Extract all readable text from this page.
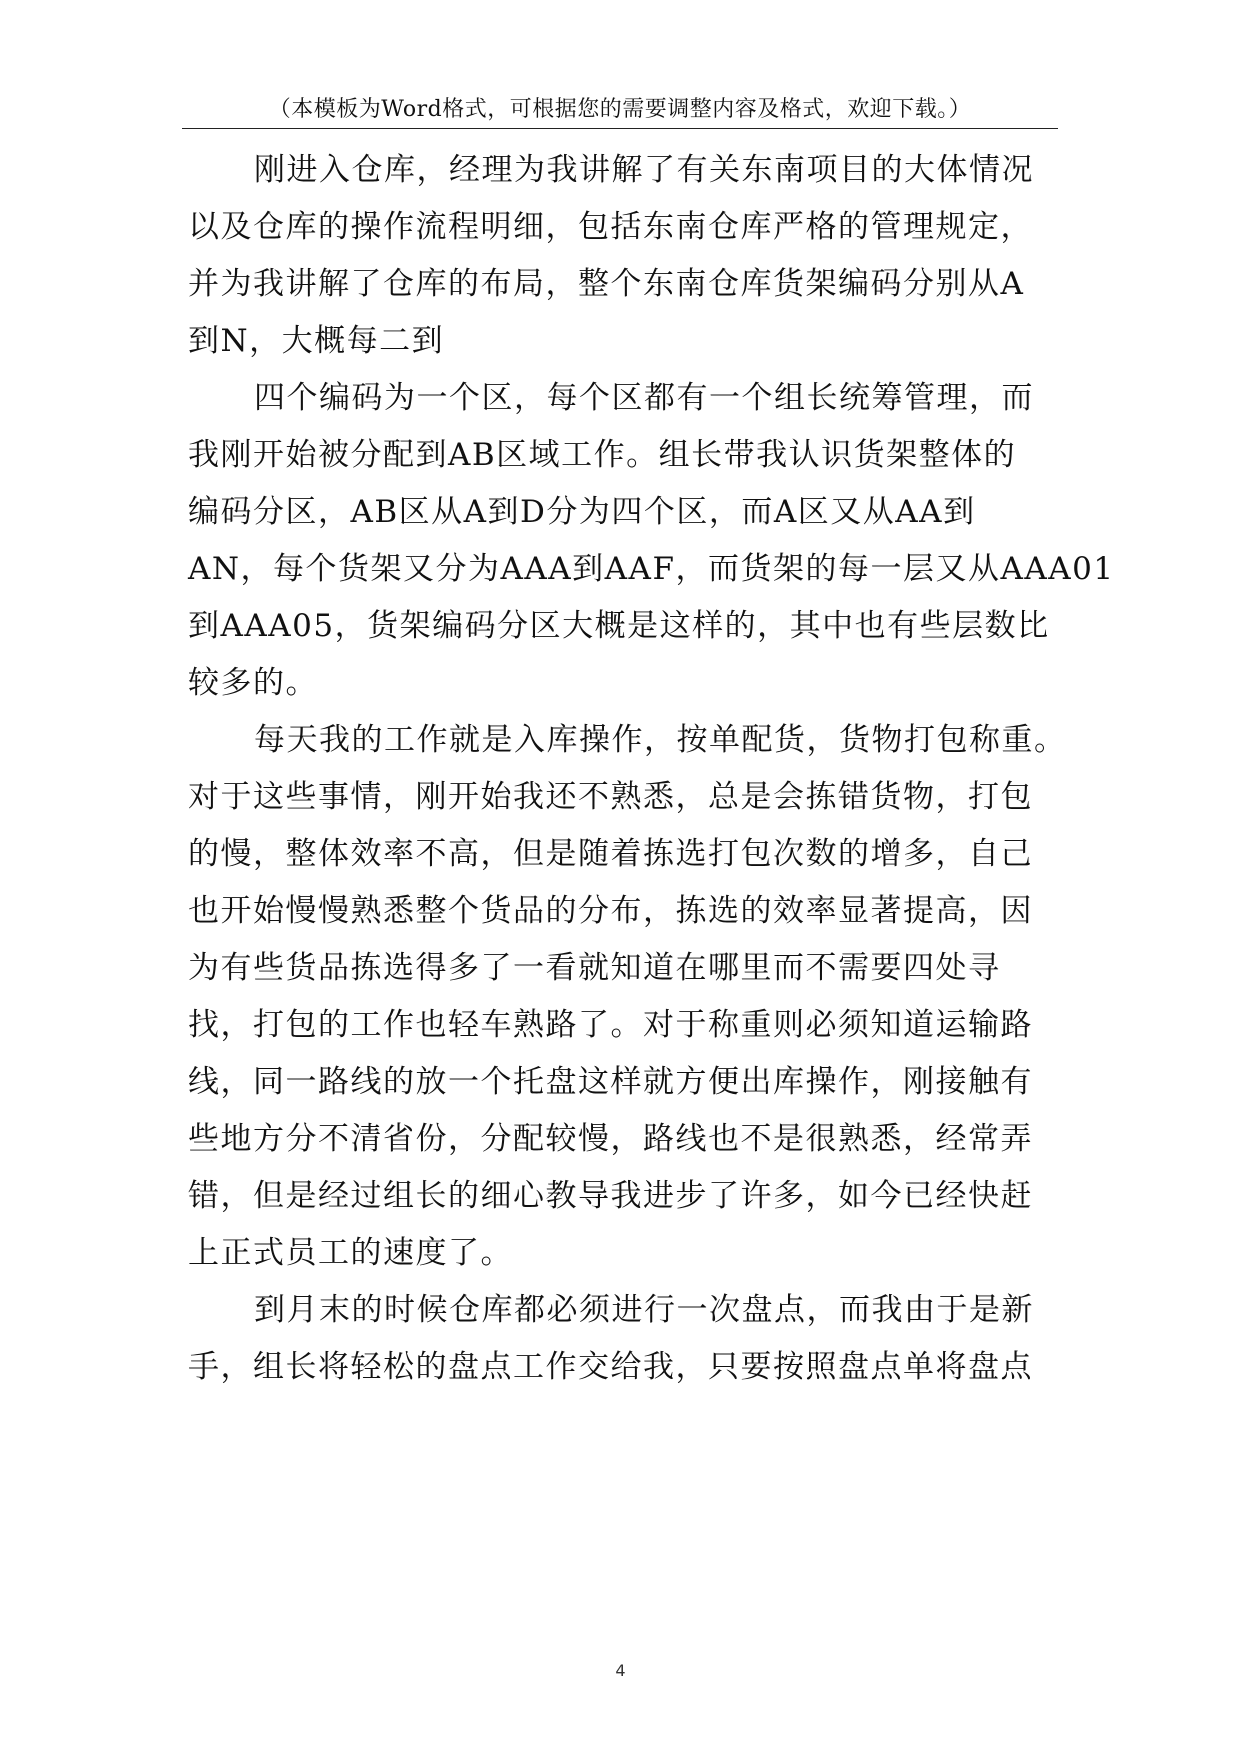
（本模板为Word格式，可根据您的需要调整内容及格式，欢迎下载。）
刚进入仓库，经理为我讲解了有关东南项目的大体情况
以及仓库的操作流程明细，包括东南仓库严格的管理规定，
并为我讲解了仓库的布局，整个东南仓库货架编码分别从A
到N，大概每二到
四个编码为一个区，每个区都有一个组长统筹管理，而
我刚开始被分配到AB区域工作。组长带我认识货架整体的
编码分区，AB区从A到D分为四个区，而A区又从AA到
AN，每个货架又分为AAA到AAF，而货架的每一层又从AAA01
到AAA05，货架编码分区大概是这样的，其中也有些层数比
较多的。
每天我的工作就是入库操作，按单配货，货物打包称重。
对于这些事情，刚开始我还不熟悉，总是会拣错货物，打包
的慢，整体效率不高，但是随着拣选打包次数的增多，自己
也开始慢慢熟悉整个货品的分布，拣选的效率显著提高，因
为有些货品拣选得多了一看就知道在哪里而不需要四处寻
找，打包的工作也轻车熟路了。对于称重则必须知道运输路
线，同一路线的放一个托盘这样就方便出库操作，刚接触有
些地方分不清省份，分配较慢，路线也不是很熟悉，经常弄
错，但是经过组长的细心教导我进步了许多，如今已经快赶
上正式员工的速度了。
到月末的时候仓库都必须进行一次盘点，而我由于是新
手，组长将轻松的盘点工作交给我，只要按照盘点单将盘点
4
